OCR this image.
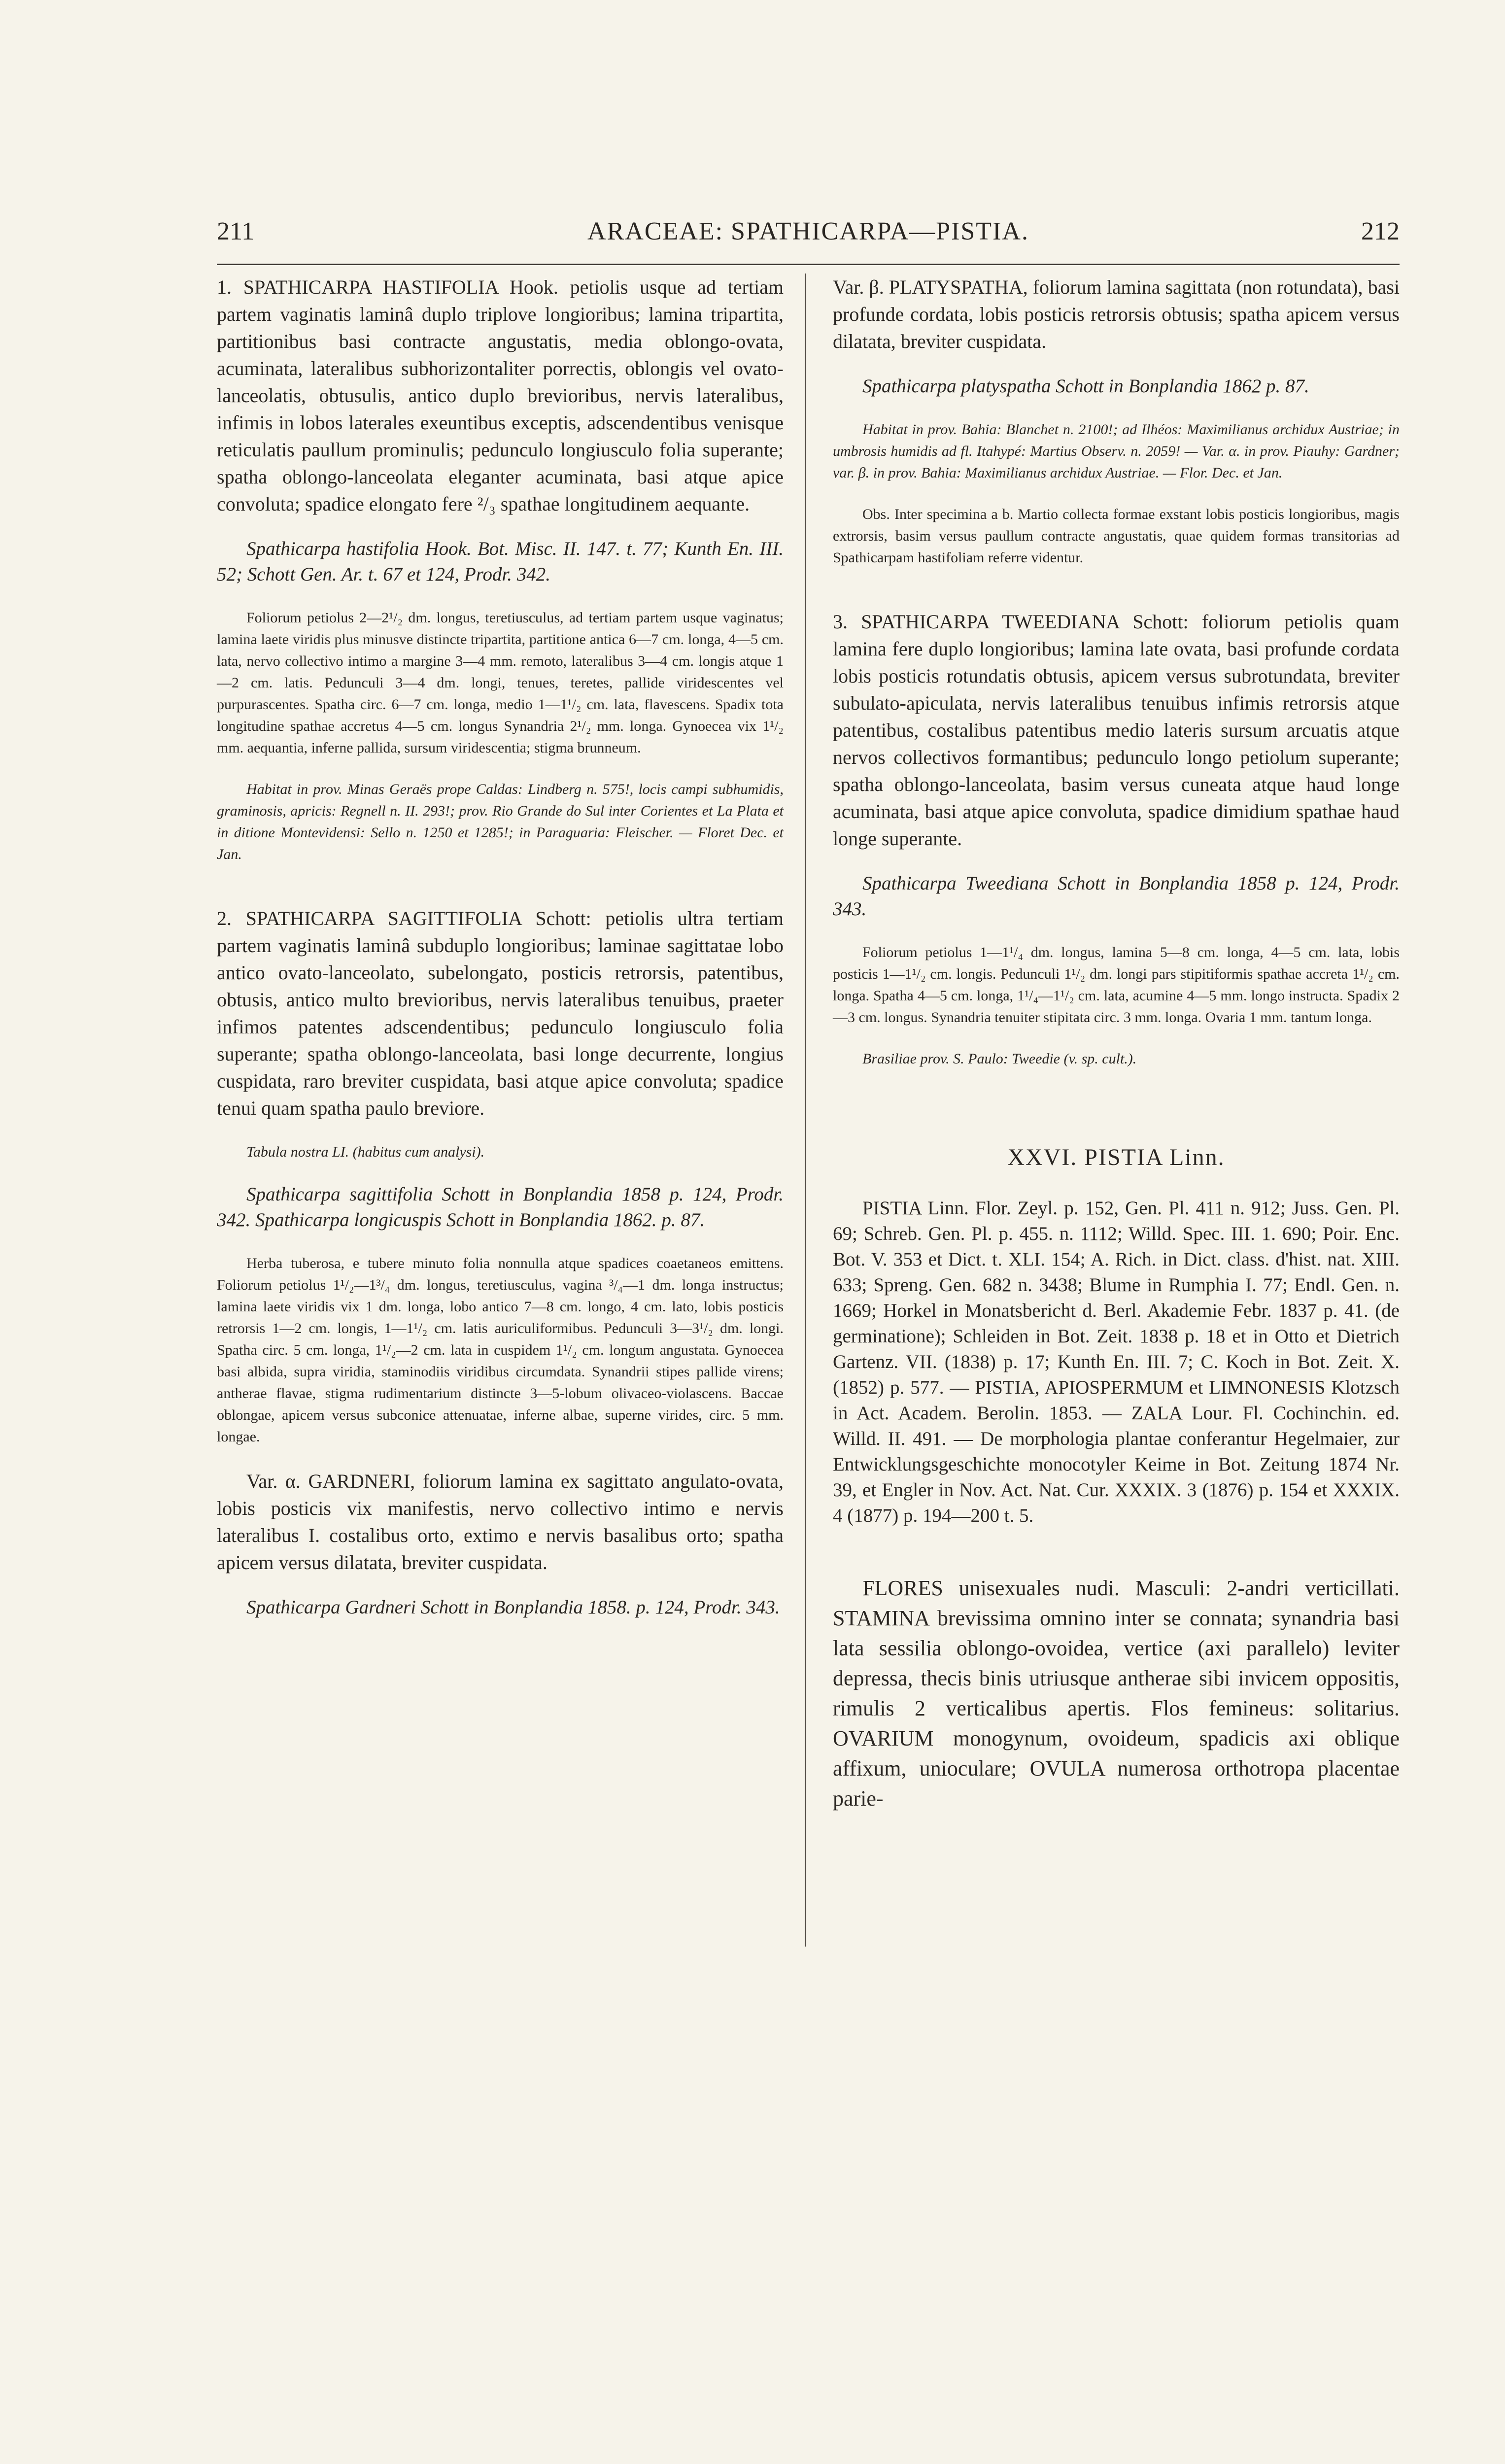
211	ARACEAE: SPATHICARPA—PISTIA.	212

1. SPATHICARPA HASTIFOLIA Hook. petiolis usque ad tertiam partem vaginatis laminâ duplo triplove longioribus; lamina tripartita, partitionibus basi contracte angustatis, media oblongo-ovata, acuminata, lateralibus subhorizontaliter porrectis, oblongis vel ovato-lanceolatis, obtusulis, antico duplo brevioribus, nervis lateralibus, infimis in lobos laterales exeuntibus exceptis, adscendentibus venisque reticulatis paullum prominulis; pedunculo longiusculo folia superante; spatha oblongo-lanceolata eleganter acuminata, basi atque apice convoluta; spadice elongato fere ²/₃ spathae longitudinem aequante.

Spathicarpa hastifolia Hook. Bot. Misc. II. 147. t. 77; Kunth En. III. 52; Schott Gen. Ar. t. 67 et 124, Prodr. 342.

Foliorum petiolus 2—2¹/₂ dm. longus, teretiusculus, ad tertiam partem usque vaginatus; lamina laete viridis plus minusve distincte tripartita, partitione antica 6—7 cm. longa, 4—5 cm. lata, nervo collectivo intimo a margine 3—4 mm. remoto, lateralibus 3—4 cm. longis atque 1—2 cm. latis. Pedunculi 3—4 dm. longi, tenues, teretes, pallide viridescentes vel purpurascentes. Spatha circ. 6—7 cm. longa, medio 1—1¹/₂ cm. lata, flavescens. Spadix tota longitudine spathae accretus 4—5 cm. longus Synandria 2¹/₂ mm. longa. Gynoecea vix 1¹/₂ mm. aequantia, inferne pallida, sursum viridescentia; stigma brunneum.

Habitat in prov. Minas Geraës prope Caldas: Lindberg n. 575!, locis campi subhumidis, graminosis, apricis: Regnell n. II. 293!; prov. Rio Grande do Sul inter Corientes et La Plata et in ditione Montevidensi: Sello n. 1250 et 1285!; in Paraguaria: Fleischer. — Floret Dec. et Jan.

2. SPATHICARPA SAGITTIFOLIA Schott: petiolis ultra tertiam partem vaginatis laminâ subduplo longioribus; laminae sagittatae lobo antico ovato-lanceolato, subelongato, posticis retrorsis, patentibus, obtusis, antico multo brevioribus, nervis lateralibus tenuibus, praeter infimos patentes adscendentibus; pedunculo longiusculo folia superante; spatha oblongo-lanceolata, basi longe decurrente, longius cuspidata, raro breviter cuspidata, basi atque apice convoluta; spadice tenui quam spatha paulo breviore.

Tabula nostra LI. (habitus cum analysi).

Spathicarpa sagittifolia Schott in Bonplandia 1858 p. 124, Prodr. 342. Spathicarpa longicuspis Schott in Bonplandia 1862. p. 87.

Herba tuberosa, e tubere minuto folia nonnulla atque spadices coaetaneos emittens. Foliorum petiolus 1¹/₂—1³/₄ dm. longus, teretiusculus, vagina ³/₄—1 dm. longa instructus; lamina laete viridis vix 1 dm. longa, lobo antico 7—8 cm. longo, 4 cm. lato, lobis posticis retrorsis 1—2 cm. longis, 1—1¹/₂ cm. latis auriculiformibus. Pedunculi 3—3¹/₂ dm. longi. Spatha circ. 5 cm. longa, 1¹/₂—2 cm. lata in cuspidem 1¹/₂ cm. longum angustata. Gynoecea basi albida, supra viridia, staminodiis viridibus circumdata. Synandrii stipes pallide virens; antherae flavae, stigma rudimentarium distincte 3—5-lobum olivaceo-violascens. Baccae oblongae, apicem versus subconice attenuatae, inferne albae, superne virides, circ. 5 mm. longae.

Var. α. GARDNERI, foliorum lamina ex sagittato angulato-ovata, lobis posticis vix manifestis, nervo collectivo intimo e nervis lateralibus I. costalibus orto, extimo e nervis basalibus orto; spatha apicem versus dilatata, breviter cuspidata.

Spathicarpa Gardneri Schott in Bonplandia 1858. p. 124, Prodr. 343.

Var. β. PLATYSPATHA, foliorum lamina sagittata (non rotundata), basi profunde cordata, lobis posticis retrorsis obtusis; spatha apicem versus dilatata, breviter cuspidata.

Spathicarpa platyspatha Schott in Bonplandia 1862 p. 87.

Habitat in prov. Bahia: Blanchet n. 2100!; ad Ilhéos: Maximilianus archidux Austriae; in umbrosis humidis ad fl. Itahypé: Martius Observ. n. 2059! — Var. α. in prov. Piauhy: Gardner; var. β. in prov. Bahia: Maximilianus archidux Austriae. — Flor. Dec. et Jan.

Obs. Inter specimina a b. Martio collecta formae exstant lobis posticis longioribus, magis extrorsis, basim versus paullum contracte angustatis, quae quidem formas transitorias ad Spathicarpam hastifoliam referre videntur.

3. SPATHICARPA TWEEDIANA Schott: foliorum petiolis quam lamina fere duplo longioribus; lamina late ovata, basi profunde cordata lobis posticis rotundatis obtusis, apicem versus subrotundata, breviter subulato-apiculata, nervis lateralibus tenuibus infimis retrorsis atque patentibus, costalibus patentibus medio lateris sursum arcuatis atque nervos collectivos formantibus; pedunculo longo petiolum superante; spatha oblongo-lanceolata, basim versus cuneata atque haud longe acuminata, basi atque apice convoluta, spadice dimidium spathae haud longe superante.

Spathicarpa Tweediana Schott in Bonplandia 1858 p. 124, Prodr. 343.

Foliorum petiolus 1—1¹/₄ dm. longus, lamina 5—8 cm. longa, 4—5 cm. lata, lobis posticis 1—1¹/₂ cm. longis. Pedunculi 1¹/₂ dm. longi pars stipitiformis spathae accreta 1¹/₂ cm. longa. Spatha 4—5 cm. longa, 1¹/₄—1¹/₂ cm. lata, acumine 4—5 mm. longo instructa. Spadix 2—3 cm. longus. Synandria tenuiter stipitata circ. 3 mm. longa. Ovaria 1 mm. tantum longa.

Brasiliae prov. S. Paulo: Tweedie (v. sp. cult.).

XXVI. PISTIA Linn.

PISTIA Linn. Flor. Zeyl. p. 152, Gen. Pl. 411 n. 912; Juss. Gen. Pl. 69; Schreb. Gen. Pl. p. 455. n. 1112; Willd. Spec. III. 1. 690; Poir. Enc. Bot. V. 353 et Dict. t. XLI. 154; A. Rich. in Dict. class. d'hist. nat. XIII. 633; Spreng. Gen. 682 n. 3438; Blume in Rumphia I. 77; Endl. Gen. n. 1669; Horkel in Monatsbericht d. Berl. Akademie Febr. 1837 p. 41. (de germinatione); Schleiden in Bot. Zeit. 1838 p. 18 et in Otto et Dietrich Gartenz. VII. (1838) p. 17; Kunth En. III. 7; C. Koch in Bot. Zeit. X. (1852) p. 577. — PISTIA, APIOSPERMUM et LIMNONESIS Klotzsch in Act. Academ. Berolin. 1853. — ZALA Lour. Fl. Cochinchin. ed. Willd. II. 491. — De morphologia plantae conferantur Hegelmaier, zur Entwicklungsgeschichte monocotyler Keime in Bot. Zeitung 1874 Nr. 39, et Engler in Nov. Act. Nat. Cur. XXXIX. 3 (1876) p. 154 et XXXIX. 4 (1877) p. 194—200 t. 5.

FLORES unisexuales nudi. Masculi: 2-andri verticillati. STAMINA brevissima omnino inter se connata; synandria basi lata sessilia oblongo-ovoidea, vertice (axi parallelo) leviter depressa, thecis binis utriusque antherae sibi invicem oppositis, rimulis 2 verticalibus apertis. Flos femineus: solitarius. OVARIUM monogynum, ovoideum, spadicis axi oblique affixum, unioculare; OVULA numerosa orthotropa placentae parie-
